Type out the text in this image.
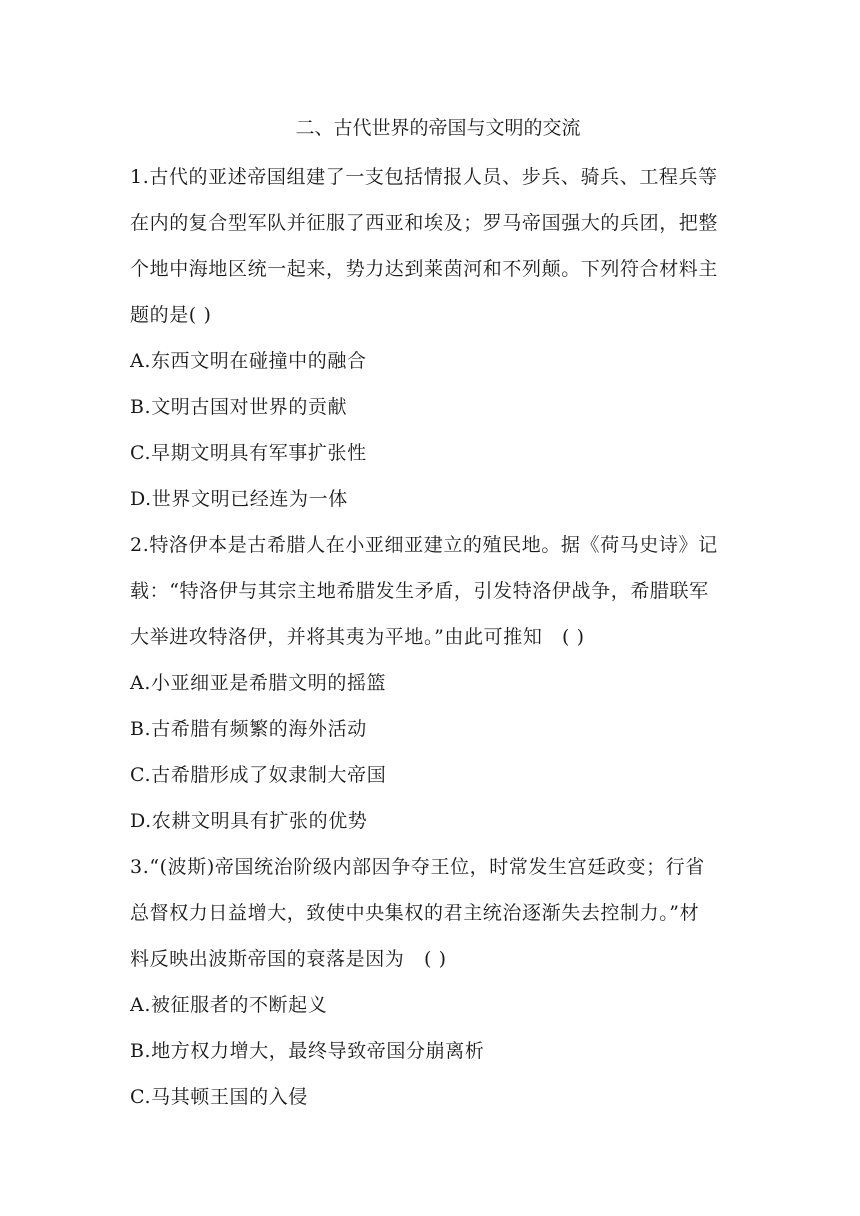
二、古代世界的帝国与文明的交流
1.古代的亚述帝国组建了一支包括情报人员、步兵、骑兵、工程兵等
在内的复合型军队并征服了西亚和埃及；罗马帝国强大的兵团，把整
个地中海地区统一起来，势力达到莱茵河和不列颠。下列符合材料主
题的是( )
A.东西文明在碰撞中的融合
B.文明古国对世界的贡献
C.早期文明具有军事扩张性
D.世界文明已经连为一体
2.特洛伊本是古希腊人在小亚细亚建立的殖民地。据《荷马史诗》记
载：“特洛伊与其宗主地希腊发生矛盾，引发特洛伊战争，希腊联军
大举进攻特洛伊，并将其夷为平地。”由此可推知　( )
A.小亚细亚是希腊文明的摇篮
B.古希腊有频繁的海外活动
C.古希腊形成了奴隶制大帝国
D.农耕文明具有扩张的优势
3.“(波斯)帝国统治阶级内部因争夺王位，时常发生宫廷政变；行省
总督权力日益增大，致使中央集权的君主统治逐渐失去控制力。”材
料反映出波斯帝国的衰落是因为　( )
A.被征服者的不断起义
B.地方权力增大，最终导致帝国分崩离析
C.马其顿王国的入侵
